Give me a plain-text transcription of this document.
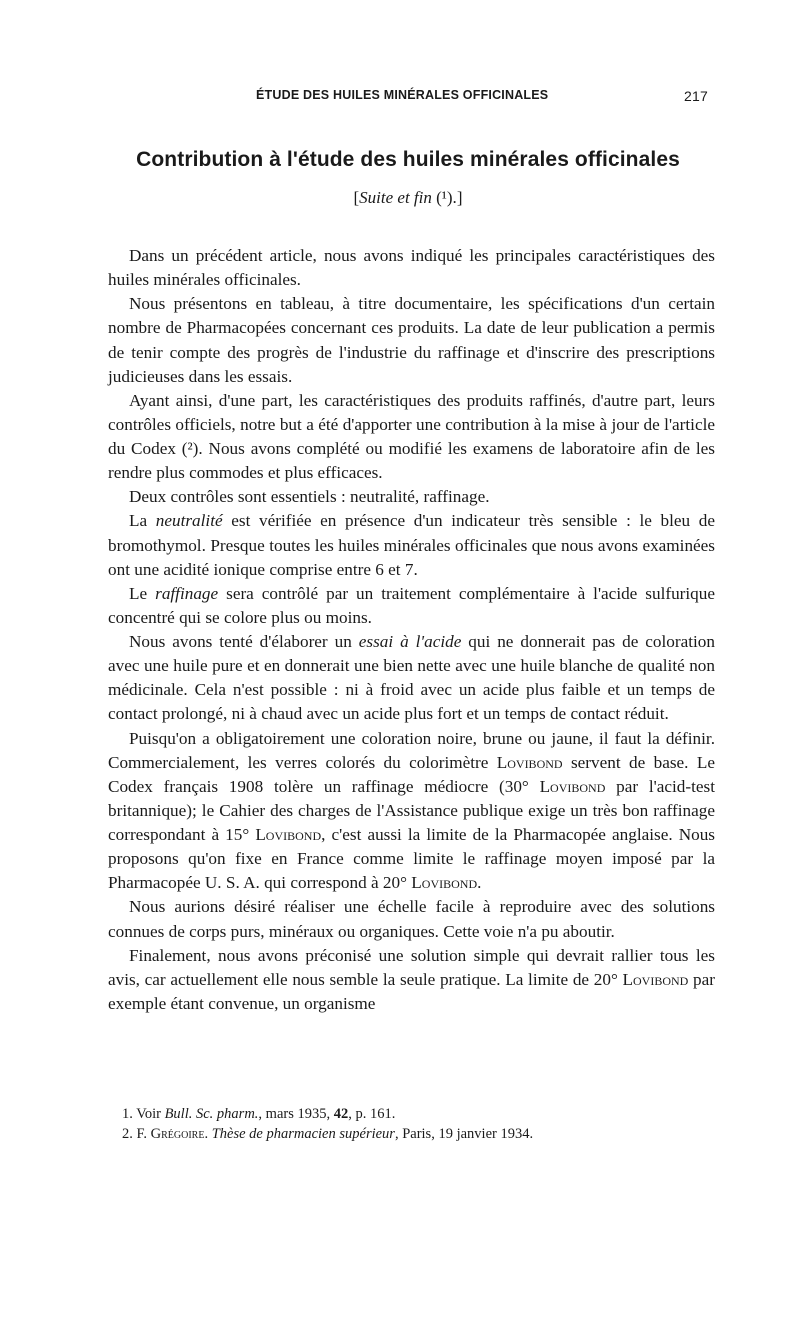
ÉTUDE DES HUILES MINÉRALES OFFICINALES	217
Contribution à l'étude des huiles minérales officinales
[Suite et fin (¹).]

Dans un précédent article, nous avons indiqué les principales caractéristiques des huiles minérales officinales.

Nous présentons en tableau, à titre documentaire, les spécifications d'un certain nombre de Pharmacopées concernant ces produits. La date de leur publication a permis de tenir compte des progrès de l'industrie du raffinage et d'inscrire des prescriptions judicieuses dans les essais.

Ayant ainsi, d'une part, les caractéristiques des produits raffinés, d'autre part, leurs contrôles officiels, notre but a été d'apporter une contribution à la mise à jour de l'article du Codex (²). Nous avons complété ou modifié les examens de laboratoire afin de les rendre plus commodes et plus efficaces.

Deux contrôles sont essentiels : neutralité, raffinage.

La neutralité est vérifiée en présence d'un indicateur très sensible : le bleu de bromothymol. Presque toutes les huiles minérales officinales que nous avons examinées ont une acidité ionique comprise entre 6 et 7.

Le raffinage sera contrôlé par un traitement complémentaire à l'acide sulfurique concentré qui se colore plus ou moins.

Nous avons tenté d'élaborer un essai à l'acide qui ne donnerait pas de coloration avec une huile pure et en donnerait une bien nette avec une huile blanche de qualité non médicinale. Cela n'est possible : ni à froid avec un acide plus faible et un temps de contact prolongé, ni à chaud avec un acide plus fort et un temps de contact réduit.

Puisqu'on a obligatoirement une coloration noire, brune ou jaune, il faut la définir. Commercialement, les verres colorés du colorimètre Lovibond servent de base. Le Codex français 1908 tolère un raffinage médiocre (30° Lovibond par l'acid-test britannique); le Cahier des charges de l'Assistance publique exige un très bon raffinage correspondant à 15° Lovibond, c'est aussi la limite de la Pharmacopée anglaise. Nous proposons qu'on fixe en France comme limite le raffinage moyen imposé par la Pharmacopée U. S. A. qui correspond à 20° Lovibond.

Nous aurions désiré réaliser une échelle facile à reproduire avec des solutions connues de corps purs, minéraux ou organiques. Cette voie n'a pu aboutir.

Finalement, nous avons préconisé une solution simple qui devrait rallier tous les avis, car actuellement elle nous semble la seule pratique. La limite de 20° Lovibond par exemple étant convenue, un organisme

1. Voir Bull. Sc. pharm., mars 1935, 42, p. 161.

2. F. Grégoire. Thèse de pharmacien supérieur, Paris, 19 janvier 1934.
